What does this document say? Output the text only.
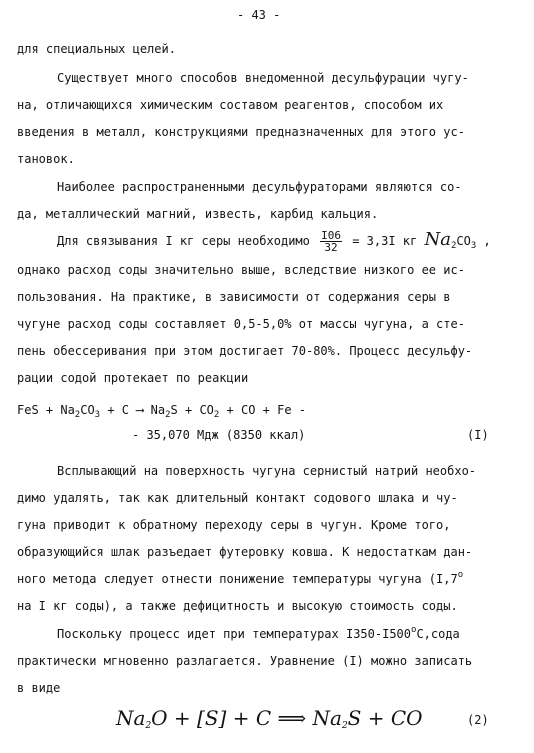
- 43 -
для специальных целей.
Существует много способов внедоменной десульфурации чугу-
на, отличающихся химическим составом реагентов, способом их
введения в металл, конструкциями предназначенных для этого ус-
тановок.
Наиболее распространенными десульфураторами являются со-
да, металлический магний, известь, карбид кальция.
Для связывания I кг серы необходимо $\frac{I06}{32} = 3,3I$ кг $Na_2CO_3$ ,
однако расход соды значительно выше, вследствие низкого ее ис-
пользования. На практике, в зависимости от содержания серы в
чугуне расход соды составляет 0,5-5,0% от массы чугуна, а сте-
пень обессеривания при этом достигает 70-80%. Процесс десульфу-
рации содой протекает по реакции
FeS + $Na_2CO_3 + C$ ⟶ $Na_2S + CO_2$ + CO + Fe -
- 35,070 Мдж (8350 ккал)	(I)
Всплывающий на поверхность чугуна сернистый натрий необхо-
димо удалять, так как длительный контакт содового шлака и чу-
гуна приводит к обратному переходу серы в чугун. Кроме того,
образующийся шлак разъедает футеровку ковша. К недостаткам дан-
ного метода следует отнести понижение температуры чугуна ($I,7^о$
на I кг соды), а также дефицитность и высокую стоимость соды.
Поскольку процесс идет при температурах $I350-I500^оС,сода$
практически мгновенно разлагается. Уравнение (I) можно записать
в виде
$Na_2O + [S] + C$ ⟹ $Na_2S$ + CO	(2)
